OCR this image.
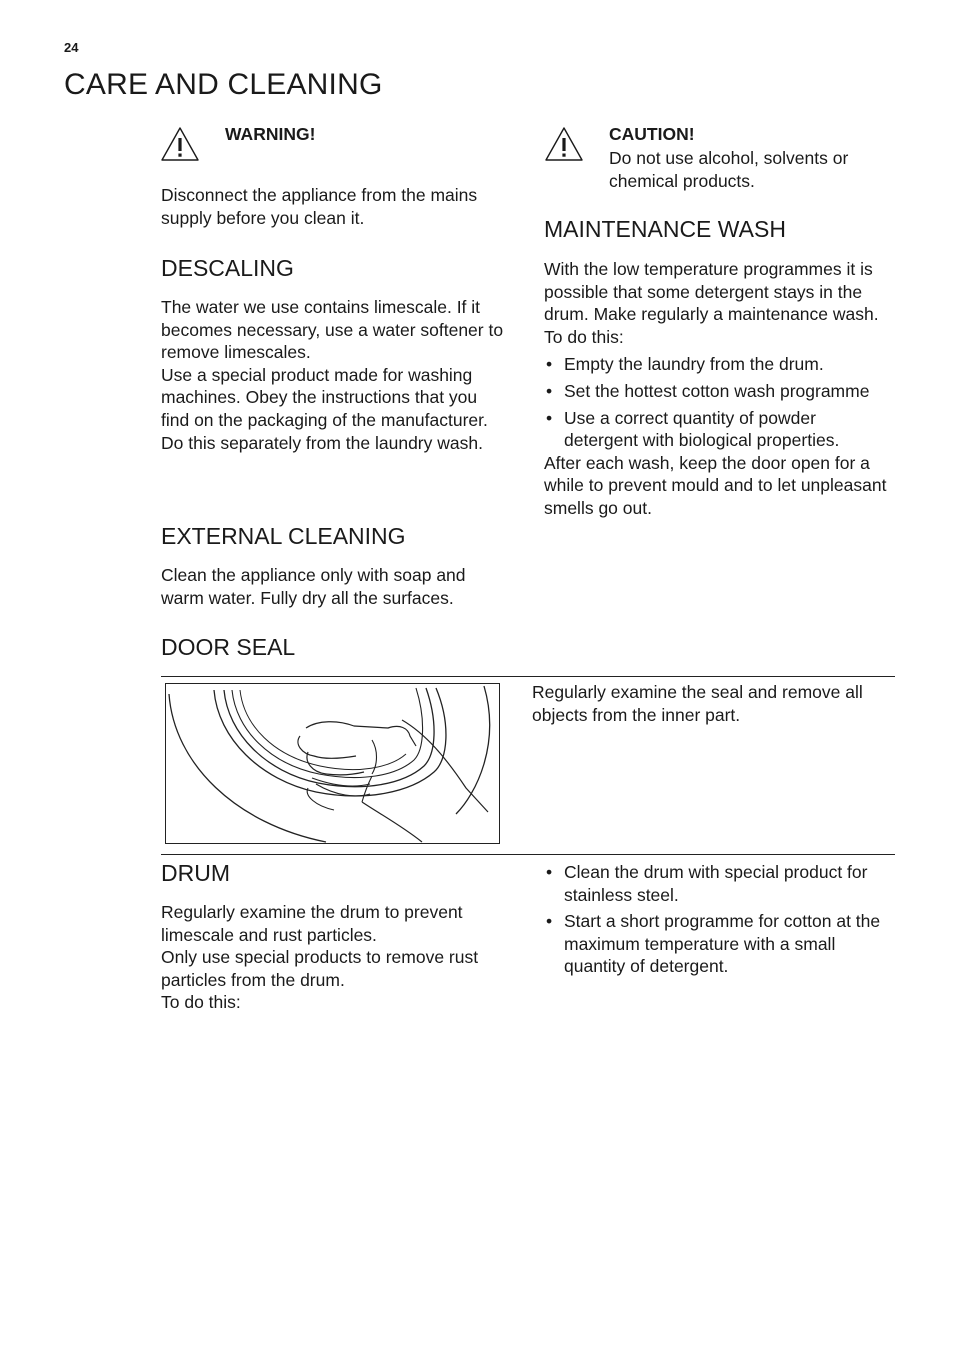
24
CARE AND CLEANING
WARNING!
Disconnect the appliance from the mains supply before you clean it.
DESCALING
The water we use contains limescale. If it becomes necessary, use a water softener to remove limescales.
Use a special product made for washing machines. Obey the instructions that you find on the packaging of the manufacturer.
Do this separately from the laundry wash.
EXTERNAL CLEANING
Clean the appliance only with soap and warm water. Fully dry all the surfaces.
CAUTION!
Do not use alcohol, solvents or chemical products.
MAINTENANCE WASH
With the low temperature programmes it is possible that some detergent stays in the drum. Make regularly a maintenance wash. To do this:
• Empty the laundry from the drum.
• Set the hottest cotton wash programme
• Use a correct quantity of powder detergent with biological properties.
After each wash, keep the door open for a while to prevent mould and to let unpleasant smells go out.
DOOR SEAL
Regularly examine the seal and remove all objects from the inner part.
DRUM
Regularly examine the drum to prevent limescale and rust particles.
Only use special products to remove rust particles from the drum.
To do this:
• Clean the drum with special product for stainless steel.
• Start a short programme for cotton at the maximum temperature with a small quantity of detergent.
